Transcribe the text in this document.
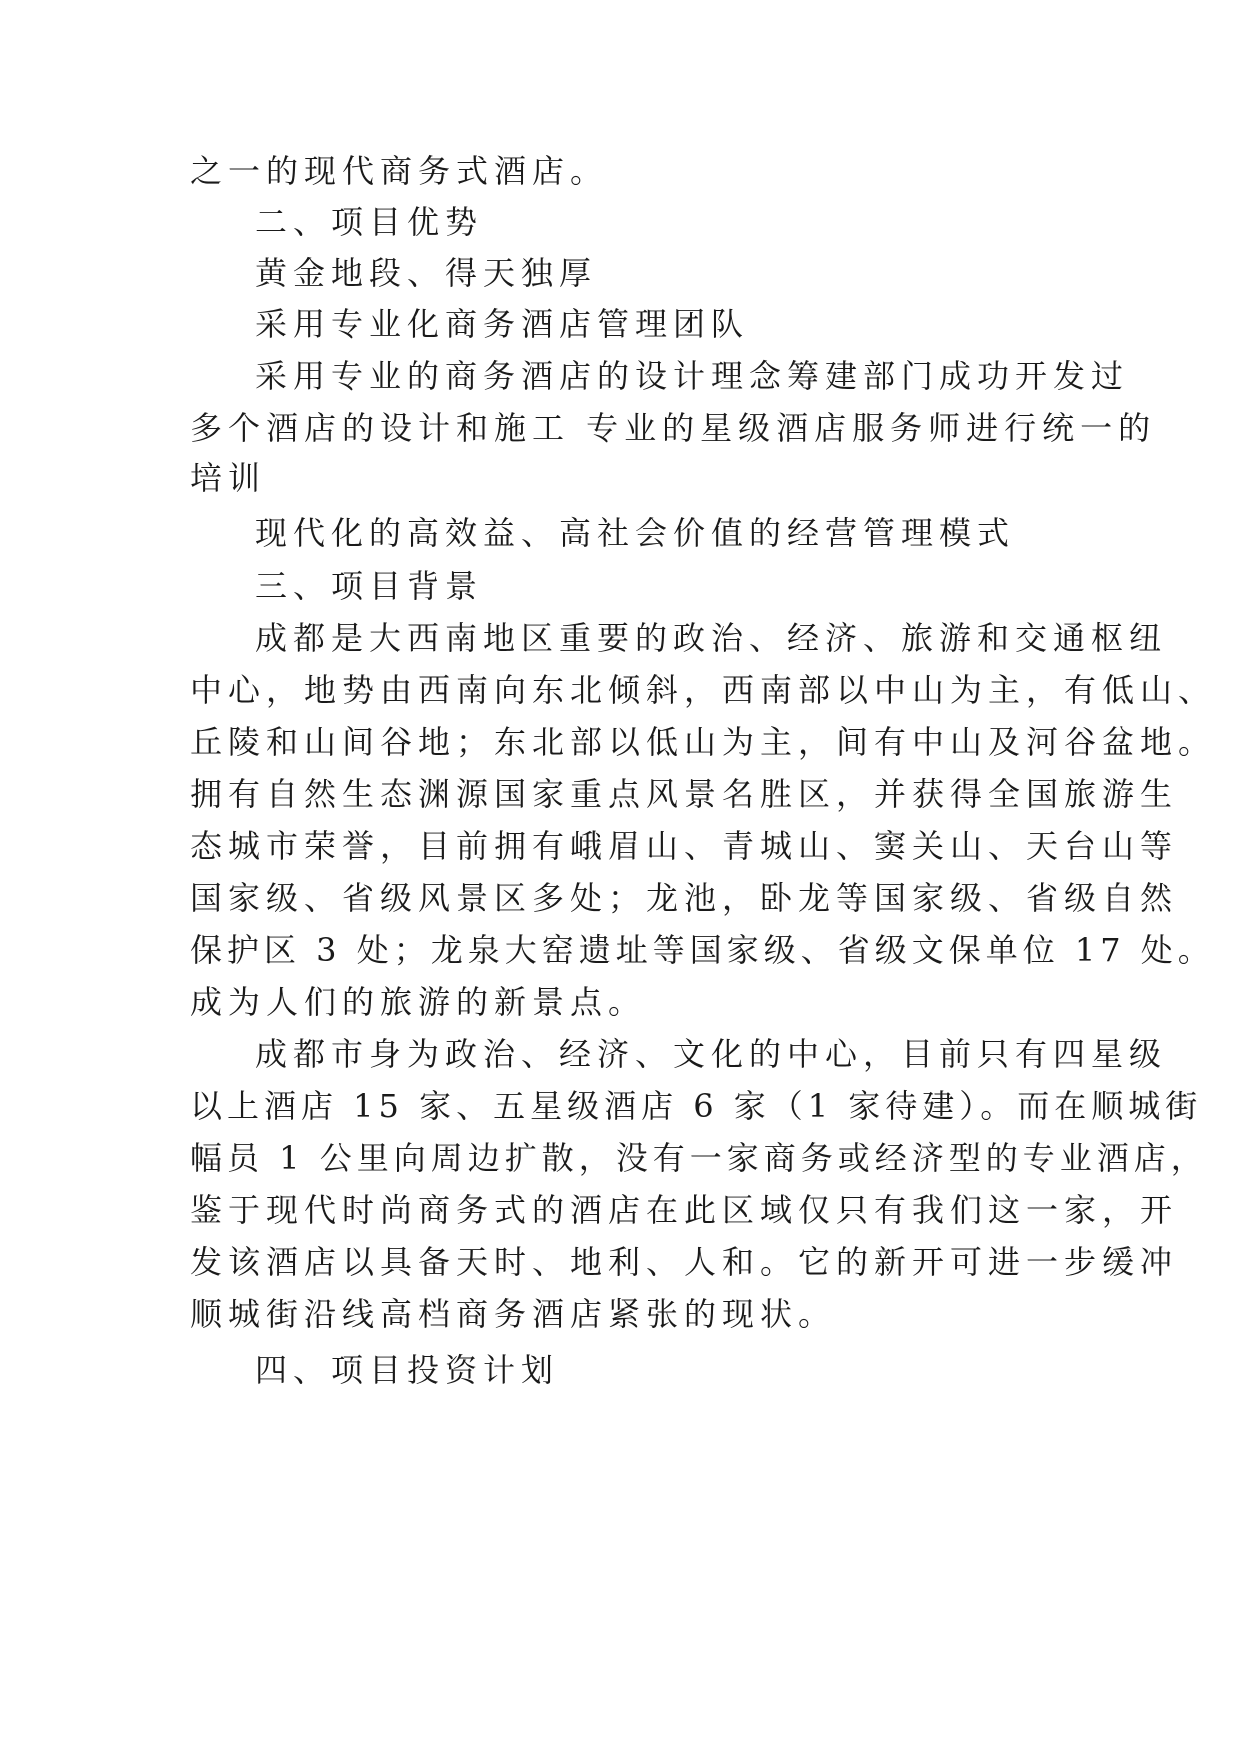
之一的现代商务式酒店。
二、项目优势
黄金地段、得天独厚
采用专业化商务酒店管理团队
采用专业的商务酒店的设计理念筹建部门成功开发过
多个酒店的设计和施工 专业的星级酒店服务师进行统一的
培训
现代化的高效益、高社会价值的经营管理模式
三、项目背景
成都是大西南地区重要的政治、经济、旅游和交通枢纽
中心，地势由西南向东北倾斜，西南部以中山为主，有低山、
丘陵和山间谷地；东北部以低山为主，间有中山及河谷盆地。
拥有自然生态渊源国家重点风景名胜区，并获得全国旅游生
态城市荣誉，目前拥有峨眉山、青城山、窦关山、天台山等
国家级、省级风景区多处；龙池，卧龙等国家级、省级自然
保护区 3 处；龙泉大窑遗址等国家级、省级文保单位 17 处。
成为人们的旅游的新景点。
成都市身为政治、经济、文化的中心，目前只有四星级
以上酒店 15 家、五星级酒店 6 家（1 家待建）。而在顺城街
幅员 1 公里向周边扩散，没有一家商务或经济型的专业酒店，
鉴于现代时尚商务式的酒店在此区域仅只有我们这一家，开
发该酒店以具备天时、地利、人和。它的新开可进一步缓冲
顺城街沿线高档商务酒店紧张的现状。
四、项目投资计划
